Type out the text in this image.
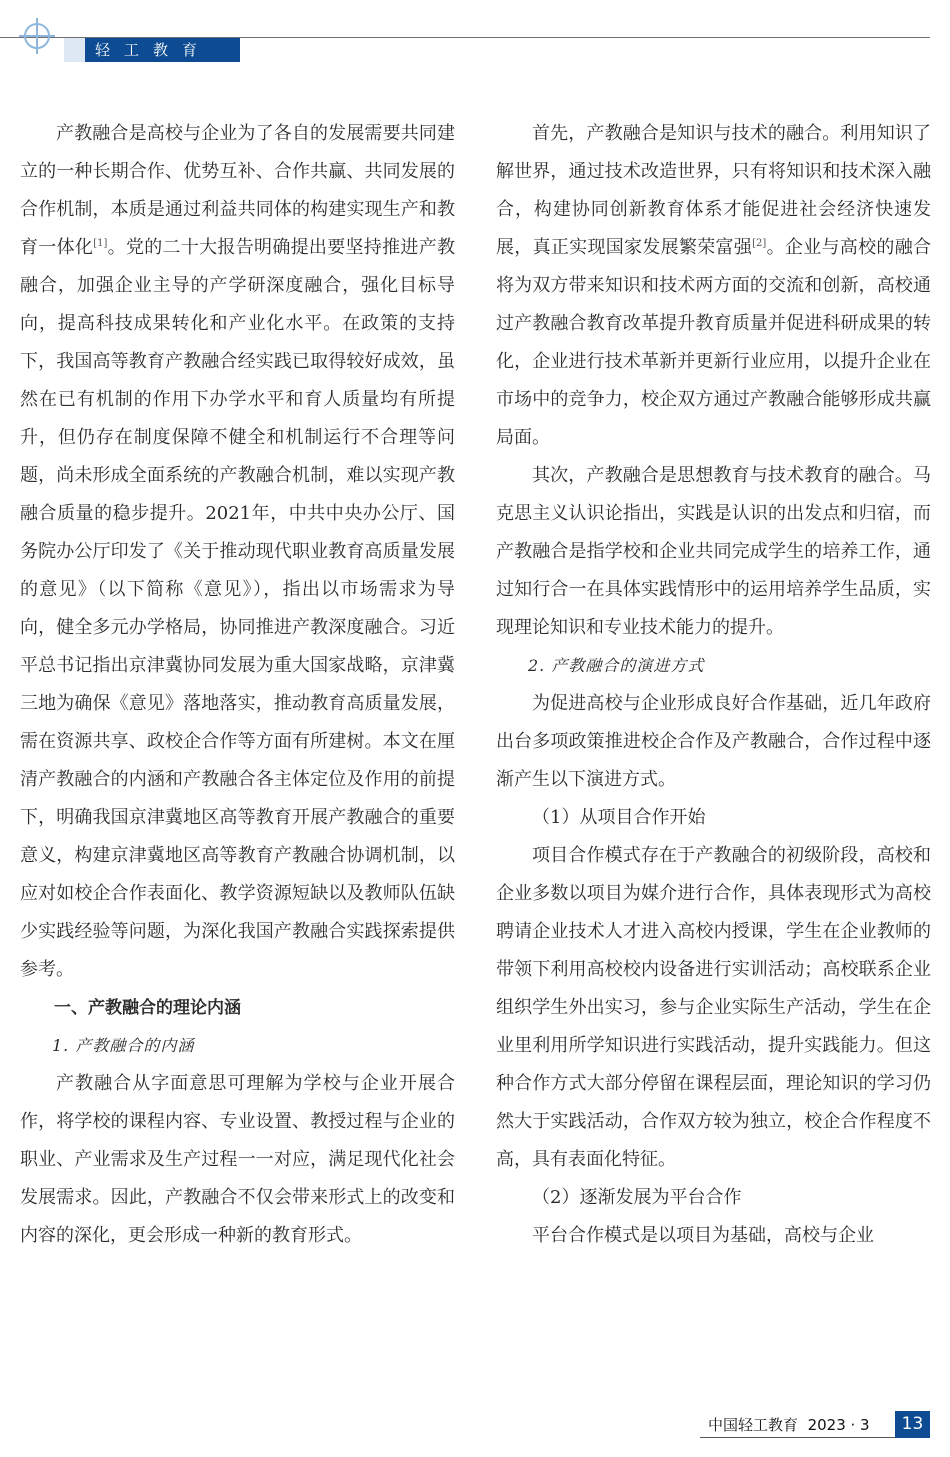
轻工教育

产教融合是高校与企业为了各自的发展需要共同建立的一种长期合作、优势互补、合作共赢、共同发展的合作机制，本质是通过利益共同体的构建实现生产和教育一体化[1]。党的二十大报告明确提出要坚持推进产教融合，加强企业主导的产学研深度融合，强化目标导向，提高科技成果转化和产业化水平。在政策的支持下，我国高等教育产教融合经实践已取得较好成效，虽然在已有机制的作用下办学水平和育人质量均有所提升，但仍存在制度保障不健全和机制运行不合理等问题，尚未形成全面系统的产教融合机制，难以实现产教融合质量的稳步提升。2021年，中共中央办公厅、国务院办公厅印发了《关于推动现代职业教育高质量发展的意见》（以下简称《意见》），指出以市场需求为导向，健全多元办学格局，协同推进产教深度融合。习近平总书记指出京津冀协同发展为重大国家战略，京津冀三地为确保《意见》落地落实，推动教育高质量发展，需在资源共享、政校企合作等方面有所建树。本文在厘清产教融合的内涵和产教融合各主体定位及作用的前提下，明确我国京津冀地区高等教育开展产教融合的重要意义，构建京津冀地区高等教育产教融合协调机制，以应对如校企合作表面化、教学资源短缺以及教师队伍缺少实践经验等问题，为深化我国产教融合实践探索提供参考。

一、产教融合的理论内涵

1. 产教融合的内涵

产教融合从字面意思可理解为学校与企业开展合作，将学校的课程内容、专业设置、教授过程与企业的职业、产业需求及生产过程一一对应，满足现代化社会发展需求。因此，产教融合不仅会带来形式上的改变和内容的深化，更会形成一种新的教育形式。

首先，产教融合是知识与技术的融合。利用知识了解世界，通过技术改造世界，只有将知识和技术深入融合，构建协同创新教育体系才能促进社会经济快速发展，真正实现国家发展繁荣富强[2]。企业与高校的融合将为双方带来知识和技术两方面的交流和创新，高校通过产教融合教育改革提升教育质量并促进科研成果的转化，企业进行技术革新并更新行业应用，以提升企业在市场中的竞争力，校企双方通过产教融合能够形成共赢局面。

其次，产教融合是思想教育与技术教育的融合。马克思主义认识论指出，实践是认识的出发点和归宿，而产教融合是指学校和企业共同完成学生的培养工作，通过知行合一在具体实践情形中的运用培养学生品质，实现理论知识和专业技术能力的提升。

2. 产教融合的演进方式

为促进高校与企业形成良好合作基础，近几年政府出台多项政策推进校企合作及产教融合，合作过程中逐渐产生以下演进方式。

（1）从项目合作开始

项目合作模式存在于产教融合的初级阶段，高校和企业多数以项目为媒介进行合作，具体表现形式为高校聘请企业技术人才进入高校内授课，学生在企业教师的带领下利用高校校内设备进行实训活动；高校联系企业组织学生外出实习，参与企业实际生产活动，学生在企业里利用所学知识进行实践活动，提升实践能力。但这种合作方式大部分停留在课程层面，理论知识的学习仍然大于实践活动，合作双方较为独立，校企合作程度不高，具有表面化特征。

（2）逐渐发展为平台合作

平台合作模式是以项目为基础，高校与企业

中国轻工教育 2023 · 3	13
